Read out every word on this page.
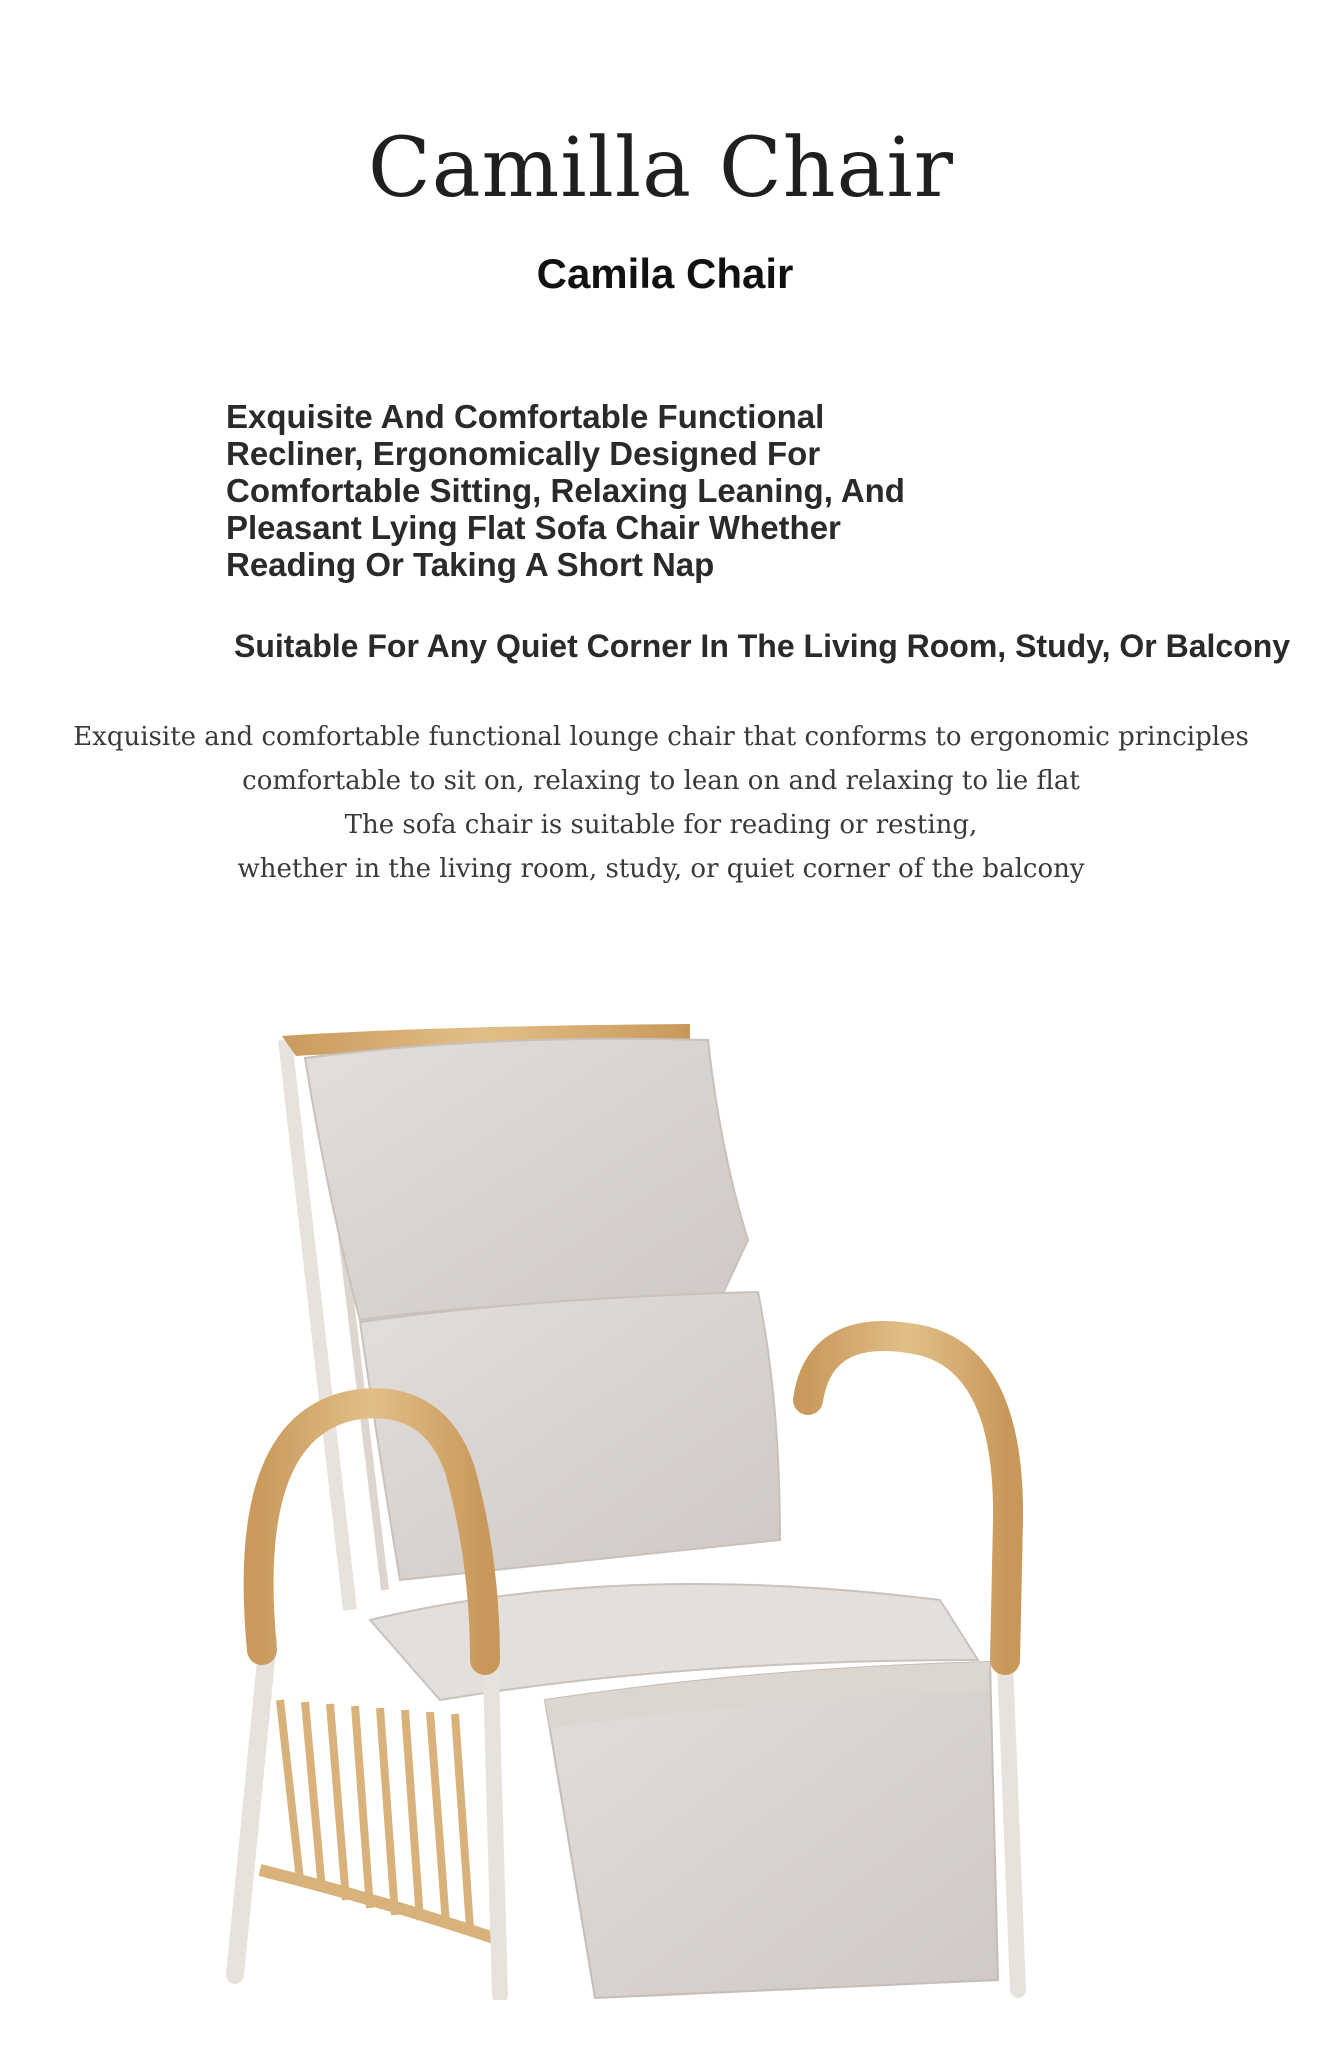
Camilla Chair
Camila Chair
Exquisite And Comfortable Functional
Recliner, Ergonomically Designed For
Comfortable Sitting, Relaxing Leaning, And
Pleasant Lying Flat Sofa Chair Whether
Reading Or Taking A Short Nap
Suitable For Any Quiet Corner In The Living Room, Study, Or Balcony
Exquisite and comfortable functional lounge chair that conforms to ergonomic principles
comfortable to sit on, relaxing to lean on and relaxing to lie flat
The sofa chair is suitable for reading or resting,
whether in the living room, study, or quiet corner of the balcony
